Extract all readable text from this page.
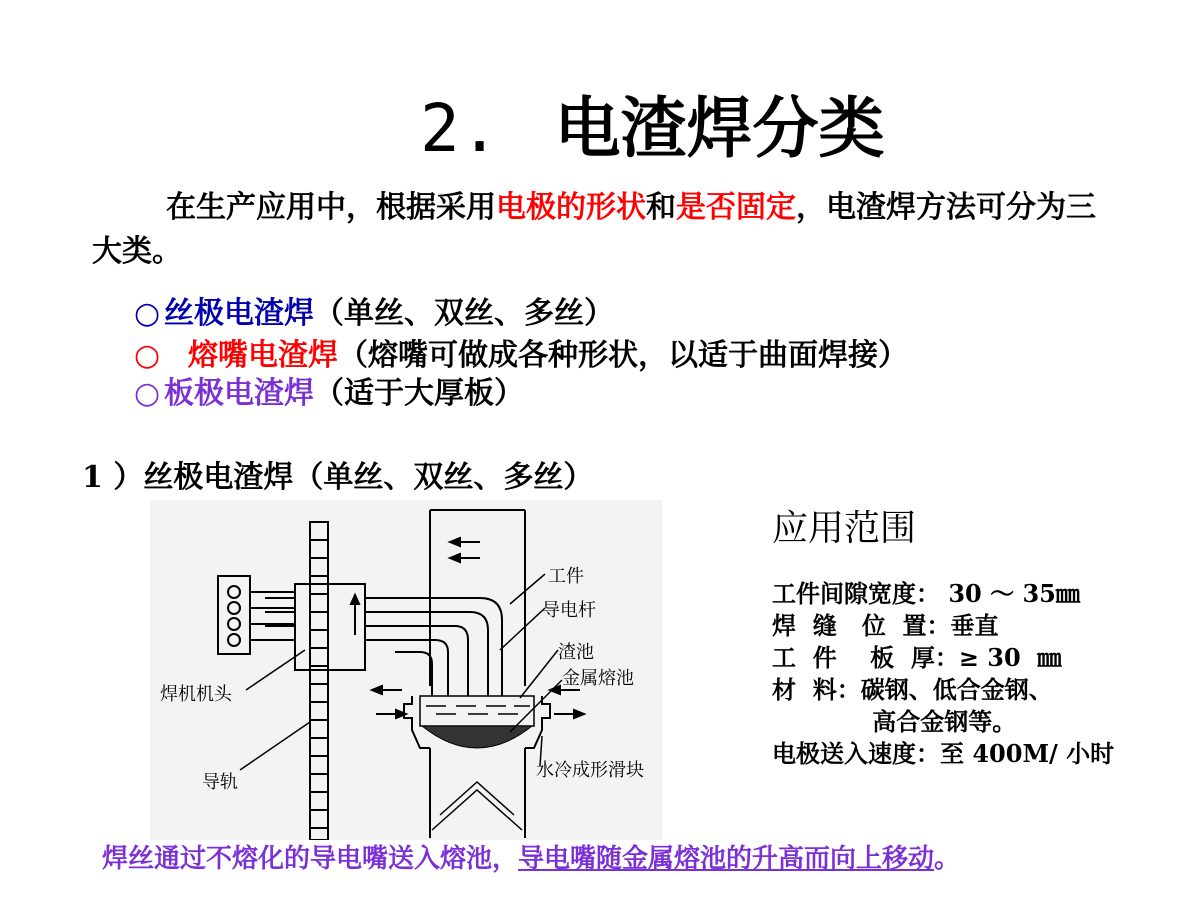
2. 电渣焊分类
在生产应用中，根据采用电极的形状和是否固定，电渣焊方法可分为三大类。
○ 丝极电渣焊（单丝、双丝、多丝）
○ 熔嘴电渣焊（熔嘴可做成各种形状，以适于曲面焊接）
○ 板极电渣焊（适于大厚板）
1 ）丝极电渣焊（单丝、双丝、多丝）
工件
导电杆
渣池
金属熔池
焊机机头
导轨
水冷成形滑块
应用范围
工件间隙宽度： 30 ～ 35㎜
焊  缝   位  置：垂直
工  件    板  厚：≥ 30  ㎜
材  料：碳钢、低合金钢、
高合金钢等。
电极送入速度：至 400M/ 小时
焊丝通过不熔化的导电嘴送入熔池，导电嘴随金属熔池的升高而向上移动。
